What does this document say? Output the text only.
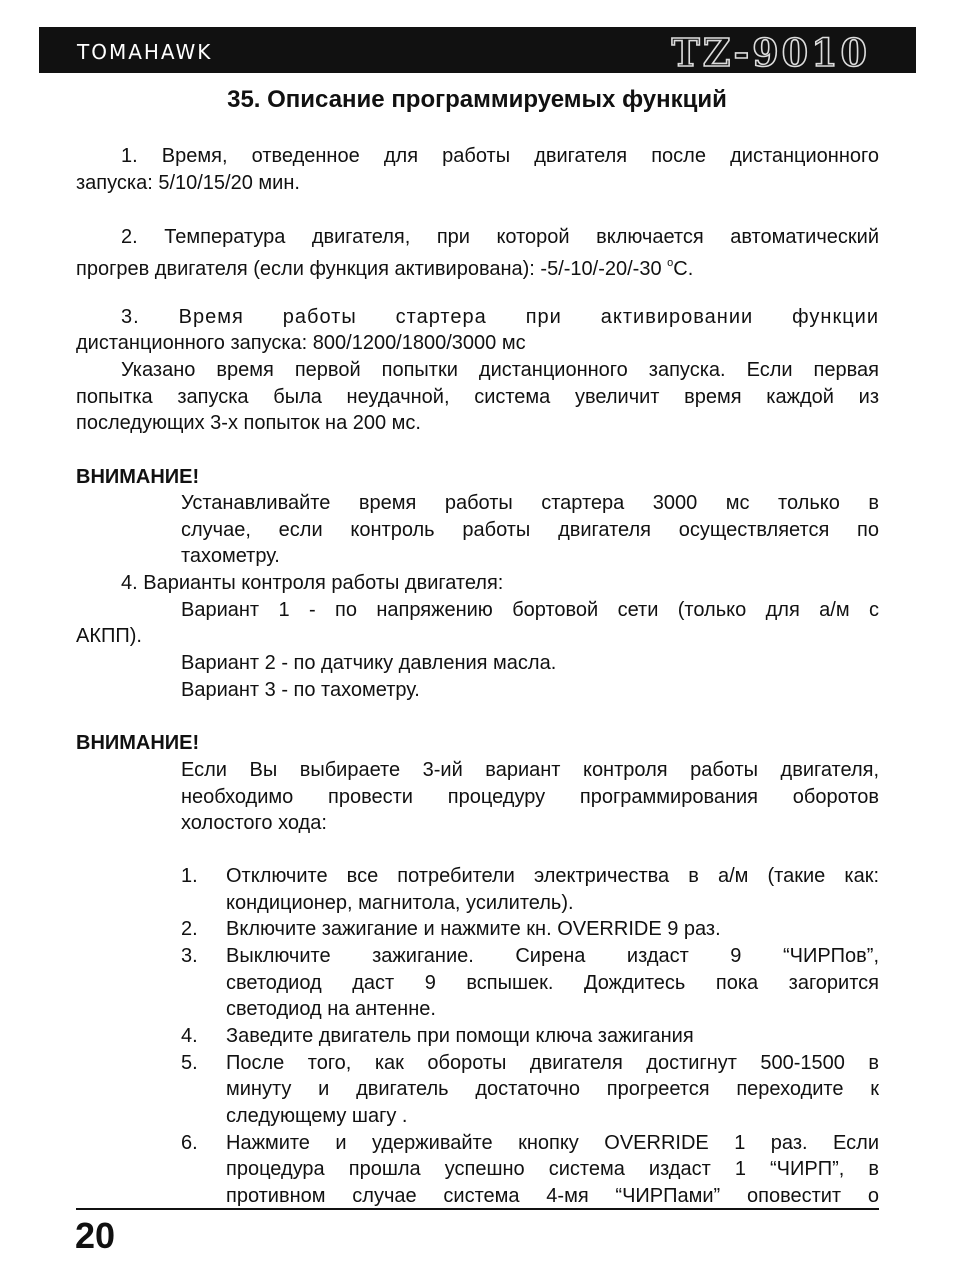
TOMAHAWK	TZ-9010
35. Описание программируемых функций
1. Время, отведенное для работы двигателя после дистанционного
запуска: 5/10/15/20 мин.
2. Температура двигателя, при которой включается автоматический
прогрев двигателя (если функция активирована): -5/-10/-20/-30 $^o$C.
3. Время работы стартера при активировании функции
дистанционного запуска: 800/1200/1800/3000 мс
Указано время первой попытки дистанционного запуска. Если первая
попытка запуска была неудачной, система увеличит время каждой из
последующих 3-х попыток на 200 мс.
ВНИМАНИЕ!
Устанавливайте время работы стартера 3000 мс только в
случае, если контроль работы двигателя осуществляется по
тахометру.
4. Варианты контроля работы двигателя:
Вариант 1 - по напряжению бортовой сети (только для а/м с
АКПП).
Вариант 2 - по датчику давления масла.
Вариант 3 - по тахометру.
ВНИМАНИЕ!
Если Вы выбираете 3-ий вариант контроля работы двигателя,
необходимо провести процедуру программирования оборотов
холостого хода:
1. Отключите все потребители электричества в а/м (такие как:
кондиционер, магнитола, усилитель).
2. Включите зажигание и нажмите кн. OVERRIDE 9 раз.
3. Выключите зажигание. Сирена издаст 9 “ЧИРПов”,
светодиод даст 9 вспышек. Дождитесь пока загорится
светодиод на антенне.
4. Заведите двигатель при помощи ключа зажигания
5. После того, как обороты двигателя достигнут 500-1500 в
минуту и двигатель достаточно прогреется переходите к
следующему шагу .
6. Нажмите и удерживайте кнопку OVERRIDE 1 раз. Если
процедура прошла успешно система издаст 1 “ЧИРП”, в
противном случае система 4-мя “ЧИРПами” оповестит о
20
